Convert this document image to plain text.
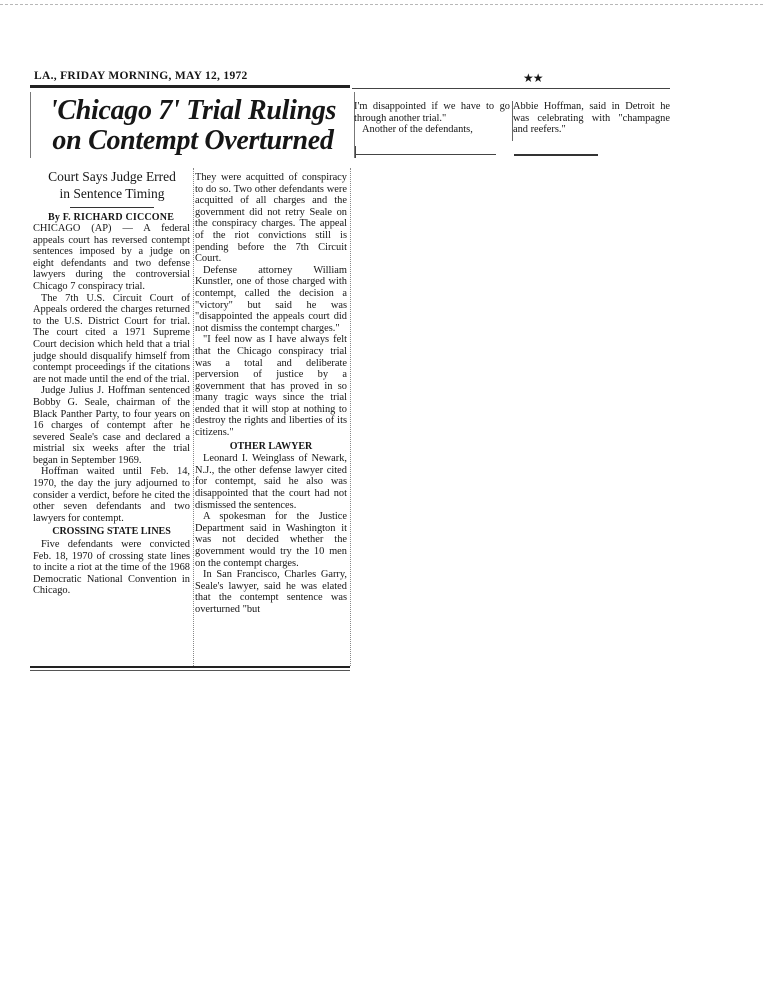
LA., FRIDAY MORNING, MAY 12, 1972	★★
'Chicago 7' Trial Rulings
on Contempt Overturned
Court Says Judge Erred
in Sentence Timing
By F. RICHARD CICCONE

CHICAGO (AP) — A federal appeals court has reversed contempt sentences imposed by a judge on eight defendants and two defense lawyers during the controversial Chicago 7 conspiracy trial.

The 7th U.S. Circuit Court of Appeals ordered the charges returned to the U.S. District Court for trial. The court cited a 1971 Supreme Court decision which held that a trial judge should disqualify himself from contempt proceedings if the citations are not made until the end of the trial.

Judge Julius J. Hoffman sentenced Bobby G. Seale, chairman of the Black Panther Party, to four years on 16 charges of contempt after he severed Seale's case and declared a mistrial six weeks after the trial began in September 1969.

Hoffman waited until Feb. 14, 1970, the day the jury adjourned to consider a verdict, before he cited the other seven defendants and two lawyers for contempt.

CROSSING STATE LINES

Five defendants were convicted Feb. 18, 1970 of crossing state lines to incite a riot at the time of the 1968 Democratic National Convention in Chicago.

They were acquitted of conspiracy to do so. Two other defendants were acquitted of all charges and the government did not retry Seale on the conspiracy charges. The appeal of the riot convictions still is pending before the 7th Circuit Court.

Defense attorney William Kunstler, one of those charged with contempt, called the decision a "victory" but said he was "disappointed the appeals court did not dismiss the contempt charges."

"I feel now as I have always felt that the Chicago conspiracy trial was a total and deliberate perversion of justice by a government that has proved in so many tragic ways since the trial ended that it will stop at nothing to destroy the rights and liberties of its citizens."

OTHER LAWYER

Leonard I. Weinglass of Newark, N.J., the other defense lawyer cited for contempt, said he also was disappointed that the court had not dismissed the sentences.

A spokesman for the Justice Department said in Washington it was not decided whether the government would try the 10 men on the contempt charges.

In San Francisco, Charles Garry, Seale's lawyer, said he was elated that the contempt sentence was overturned "but

I'm disappointed if we have to go through another trial."

Another of the defendants,

Abbie Hoffman, said in Detroit he was celebrating with "champagne and reefers."
